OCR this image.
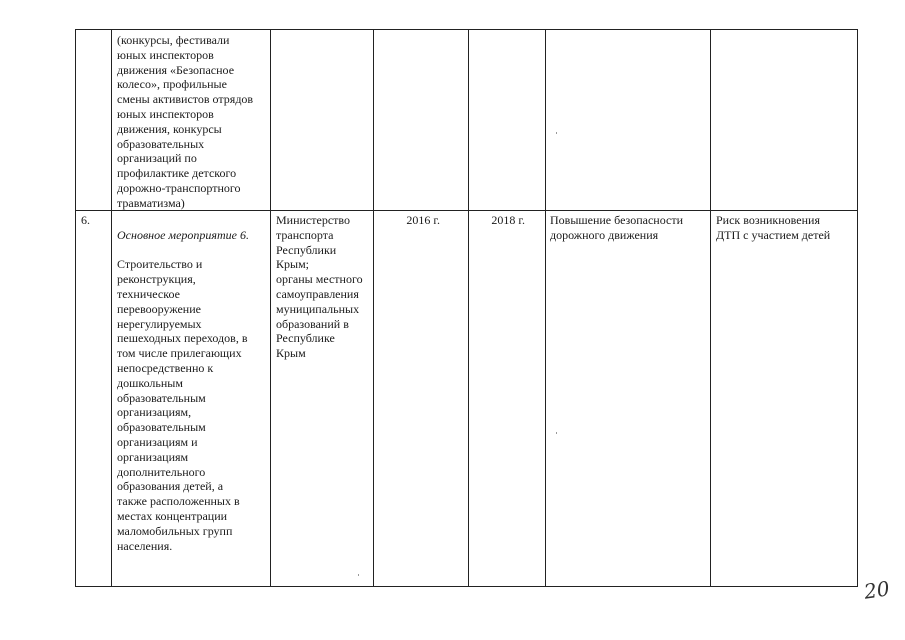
(конкурсы, фестивали
юных инспекторов
движения «Безопасное
колесо», профильные
смены активистов отрядов
юных инспекторов
движения, конкурсы
образовательных
организаций по
профилактике детского
дорожно-транспортного
травматизма)
6.

Основное мероприятие 6.

Строительство и
реконструкция,
техническое
перевооружение
нерегулируемых
пешеходных переходов, в
том числе прилегающих
непосредственно к
дошкольным
образовательным
организациям,
образовательным
организациям и
организациям
дополнительного
образования детей, а
также расположенных в
местах концентрации
маломобильных групп
населения.

Министерство
транспорта
Республики
Крым;
органы местного
самоуправления
муниципальных
образований в
Республике
Крым
2016 г.	2018 г. Повышение безопасности
дорожного движения
Риск возникновения
ДТП с участием детей
20
